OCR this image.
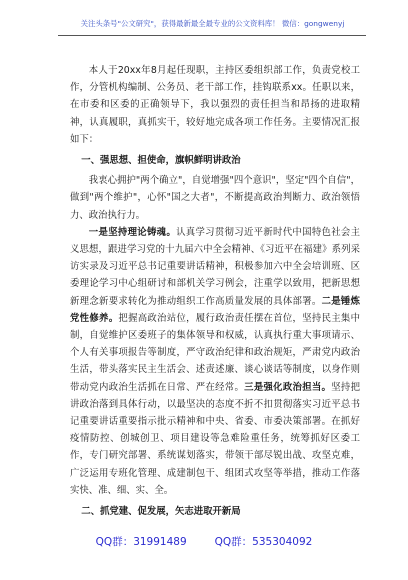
关注头条号"公文研究"，获得最新最全最专业的公文资料库！ 微信：gongwenyj

本人于20xx年8月起任现职，主持区委组织部工作，负责党校工作，分管机构编制、公务员、老干部工作，挂钩联系xx。任职以来，在市委和区委的正确领导下，我以强烈的责任担当和昂扬的进取精神，认真履职，真抓实干，较好地完成各项工作任务。主要情况汇报如下：

一、强思想、担使命，旗帜鲜明讲政治

我衷心拥护"两个确立"，自觉增强"四个意识"，坚定"四个自信"，做到"两个维护"，心怀"国之大者"，不断提高政治判断力、政治领悟力、政治执行力。

一是坚持理论铸魂。认真学习贯彻习近平新时代中国特色社会主义思想，跟进学习党的十九届六中全会精神、《习近平在福建》系列采访实录及习近平总书记重要讲话精神，积极参加六中全会培训班、区委理论学习中心组研讨和部机关学习例会，注重学以致用，把新思想新理念新要求转化为推动组织工作高质量发展的具体部署。二是锤炼党性修养。把握高政治站位，履行政治责任摆在首位，坚持民主集中制，自觉维护区委班子的集体领导和权威，认真执行重大事项请示、个人有关事项报告等制度，严守政治纪律和政治规矩，严肃党内政治生活，带头落实民主生活会、述责述廉、谈心谈话等制度，以身作则带动党内政治生活抓在日常、严在经常。三是强化政治担当。坚持把讲政治落到具体行动，以最坚决的态度不折不扣贯彻落实习近平总书记重要讲话重要指示批示精神和中央、省委、市委决策部署。在抓好疫情防控、创城创卫、项目建设等急难险重任务，统筹抓好区委工作，专门研究部署、系统谋划落实，带领干部尽锐出战、攻坚克难，广泛运用专班化管理、成建制包干、组团式攻坚等举措，推动工作落实快、准、细、实、全。

二、抓党建、促发展，矢志进取开新局

QQ群：31991489	QQ群：535304092
